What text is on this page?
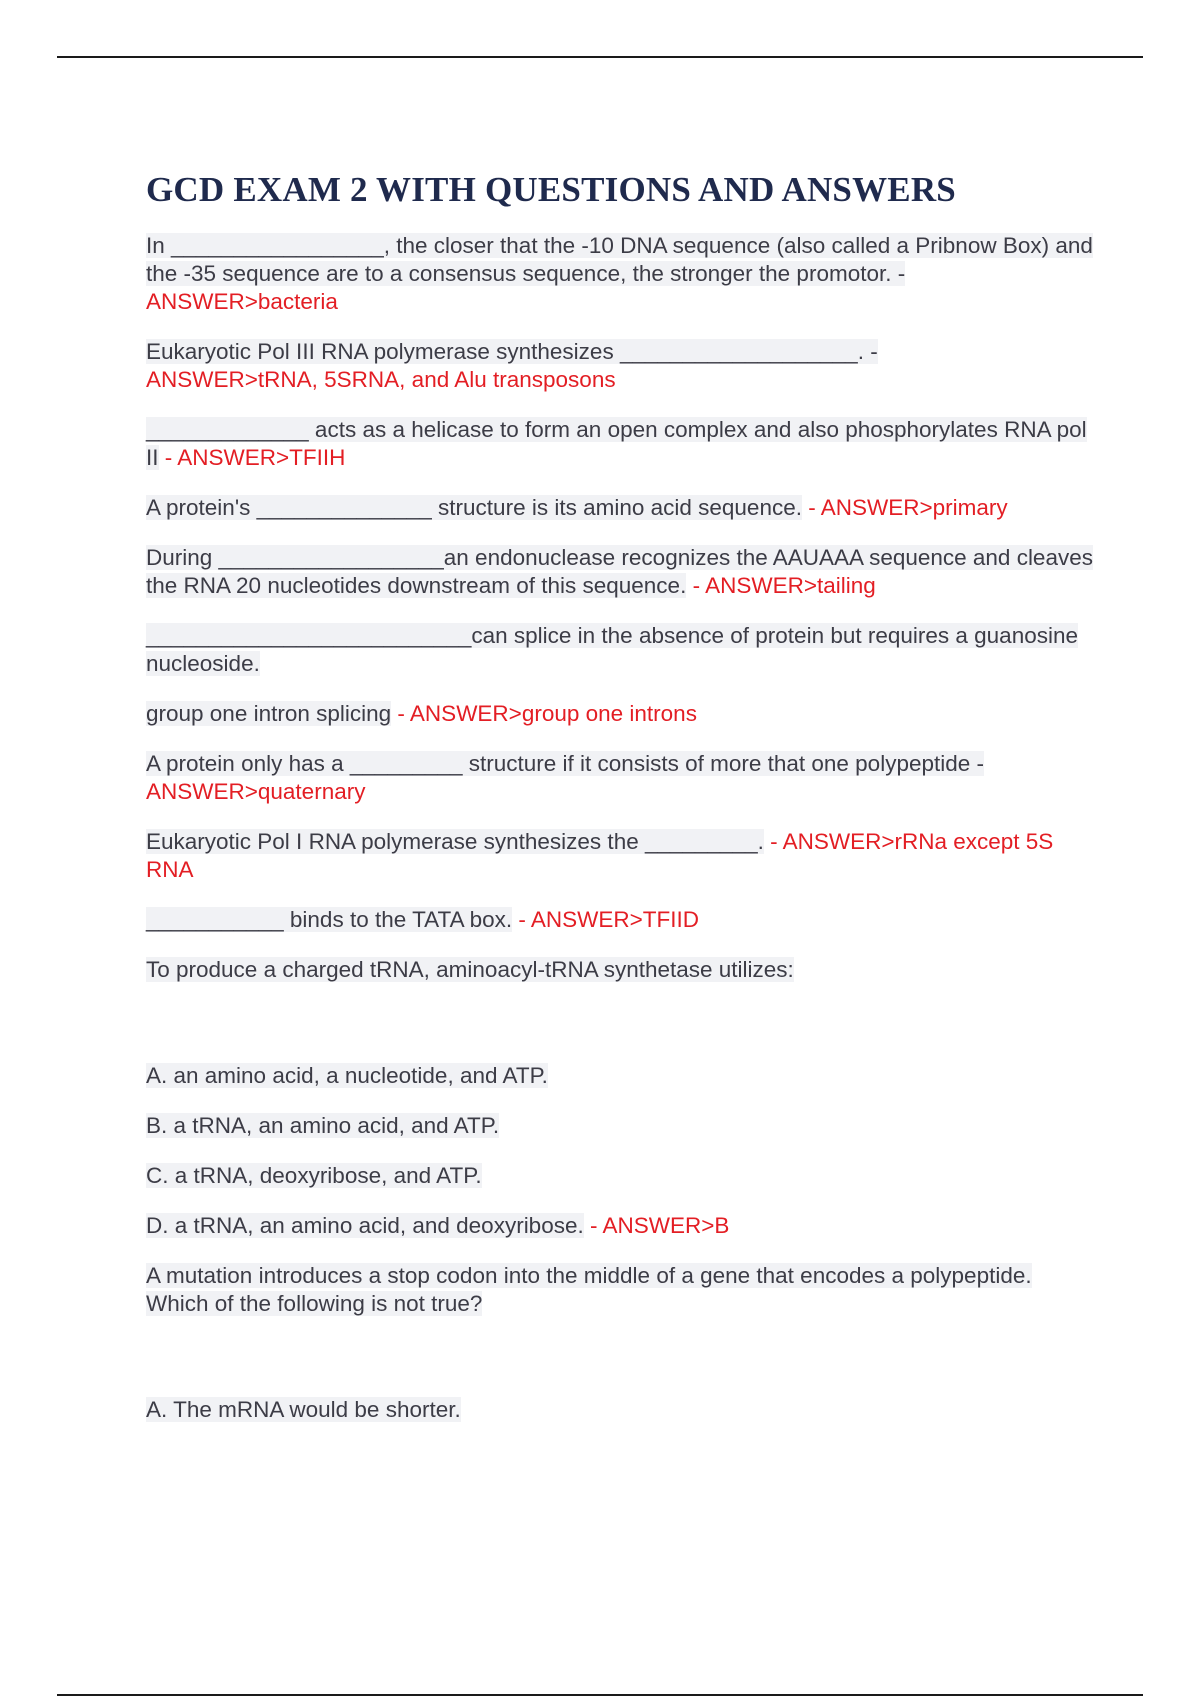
GCD EXAM 2 WITH QUESTIONS AND ANSWERS

In _________________, the closer that the -10 DNA sequence (also called a Pribnow Box) and the -35 sequence are to a consensus sequence, the stronger the promotor. - ANSWER>bacteria

Eukaryotic Pol III RNA polymerase synthesizes ___________________. -
ANSWER>tRNA, 5SRNA, and Alu transposons

_____________ acts as a helicase to form an open complex and also phosphorylates RNA pol II - ANSWER>TFIIH

A protein's ______________ structure is its amino acid sequence. - ANSWER>primary

During __________________an endonuclease recognizes the AAUAAA sequence and cleaves the RNA 20 nucleotides downstream of this sequence. - ANSWER>tailing

__________________________can splice in the absence of protein but requires a guanosine nucleoside.

group one intron splicing - ANSWER>group one introns

A protein only has a _________ structure if it consists of more that one polypeptide -
ANSWER>quaternary

Eukaryotic Pol I RNA polymerase synthesizes the _________. - ANSWER>rRNa except 5S RNA

___________ binds to the TATA box. - ANSWER>TFIID

To produce a charged tRNA, aminoacyl-tRNA synthetase utilizes:

A. an amino acid, a nucleotide, and ATP.

B. a tRNA, an amino acid, and ATP.

C. a tRNA, deoxyribose, and ATP.

D. a tRNA, an amino acid, and deoxyribose. - ANSWER>B

A mutation introduces a stop codon into the middle of a gene that encodes a polypeptide. Which of the following is not true?

A. The mRNA would be shorter.
